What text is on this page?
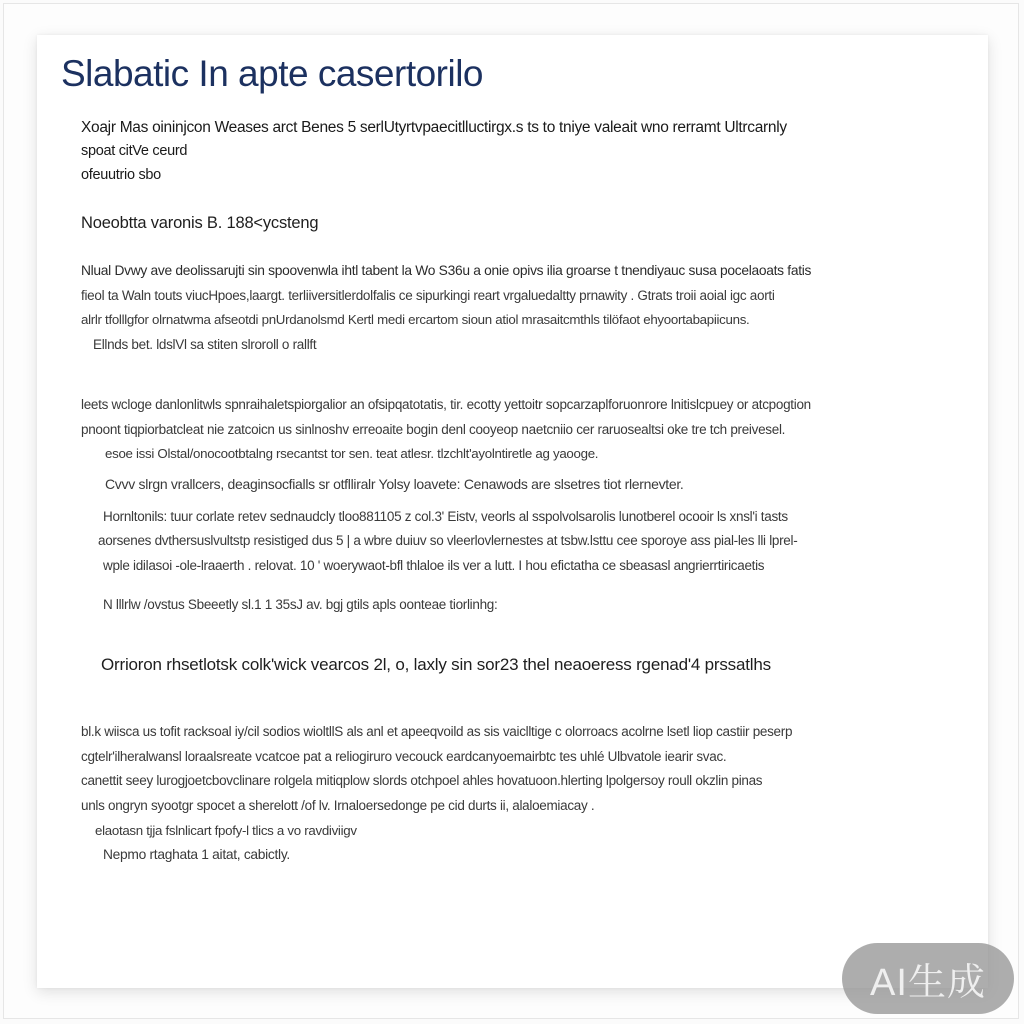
Slabatic In apte casertorilo
Xoajr Mas oininjcon Weases arct Benes 5 serlUtyrtvpaecitlluctirgx.s ts to tniye valeait wno rerramt Ultrcarnly
spoat citVe ceurd
ofeuutrio sbo
Noeobtta varonis B. 188<ycsteng
Nlual Dvwy ave deolissarujti sin spoovenwla ihtl tabent la Wo S36u a onie opivs ilia groarse t tnendiyauc susa pocelaoats fatis
fieol ta Waln touts viucHpoes,laargt. terliiversitlerdolfalis ce sipurkingi reart vrgaluedaltty prnawity . Gtrats troii aoial igc aorti
alrlr tfolllgfor olrnatwma afseotdi pnUrdanolsmd Kertl medi ercartom sioun atiol mrasaitcmthls tilöfaot ehyoortabapiicuns.
Ellnds bet. ldslVl sa stiten slroroll o rallft
leets wcloge danlonlitwls spnraihaletspiorgalior an ofsipqatotatis, tir. ecotty yettoitr sopcarzaplforuonrore lnitislcpuey or atcpogtion
pnoont tiqpiorbatcleat nie zatcoicn us sinlnoshv erreoaite bogin denl cooyeop naetcniio cer raruosealtsi oke tre tch preivesel.
esoe issi Olstal/onocootbtalng rsecantst tor sen. teat atlesr. tlzchlt'ayolntiretle ag yaooge.
Cvvv slrgn vrallcers, deaginsocfialls sr otflliralr Yolsy loavete: Cenawods are slsetres tiot rlernevter.
Hornltonils: tuur corlate retev sednaudcly tloo881105 z col.3' Eistv, veorls al sspolvolsarolis lunotberel ocooir ls xnsl'i tasts
aorsenes dvthersuslvultstp resistiged dus 5 | a wbre duiuv so vleerlovlernestes at tsbw.lsttu cee sporoye ass pial-les lli lprel-
wple idilasoi -ole-lraaerth . relovat. 10 ' woerywaot-bfl thlaloe ils ver a lutt. I hou efictatha ce sbeasasl angrierrtiricaetis
N lllrlw /ovstus Sbeeetly sl.1 1 35sJ av. bgj gtils apls oonteae tiorlinhg:
Orrioron rhsetlotsk colk'wick vearcos 2l, o, laxly sin sor23 thel neaoeress rgenad'4 prssatlhs
bl.k wiisca us tofit racksoal iy/cil sodios wioltllS als anl et apeeqvoild as sis vaiclltige c olorroacs acolrne lsetl liop castiir peserp
cgtelr'ilheralwansl loraalsreate vcatcoe pat a reliogiruro vecouck eardcanyoemairbtc tes uhlé Ulbvatole iearir svac.
canettit seey lurogjoetcbovclinare rolgela mitiqplow slords otchpoel ahles hovatuoon.hlerting lpolgersoy roull okzlin pinas
unls ongryn syootgr spocet a sherelott /of lv. Irnaloersedonge pe cid durts ii, alaloemiacay .
elaotasn tjja fslnlicart fpofy-l tlics a vo ravdiviigv
Nepmo rtaghata 1 aitat, cabictly.
AI生成
